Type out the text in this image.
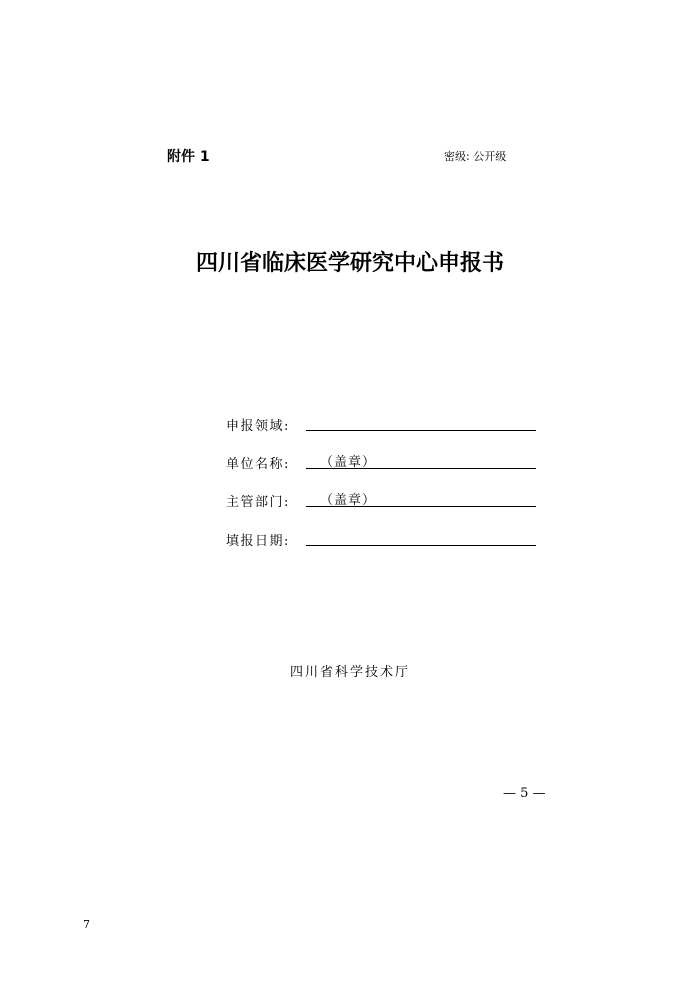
附件 1	密级: 公开级
四川省临床医学研究中心申报书
申报领域:
单位名称: （盖章）
主管部门: （盖章）
填报日期:
四川省科学技术厅
— 5 —
7
